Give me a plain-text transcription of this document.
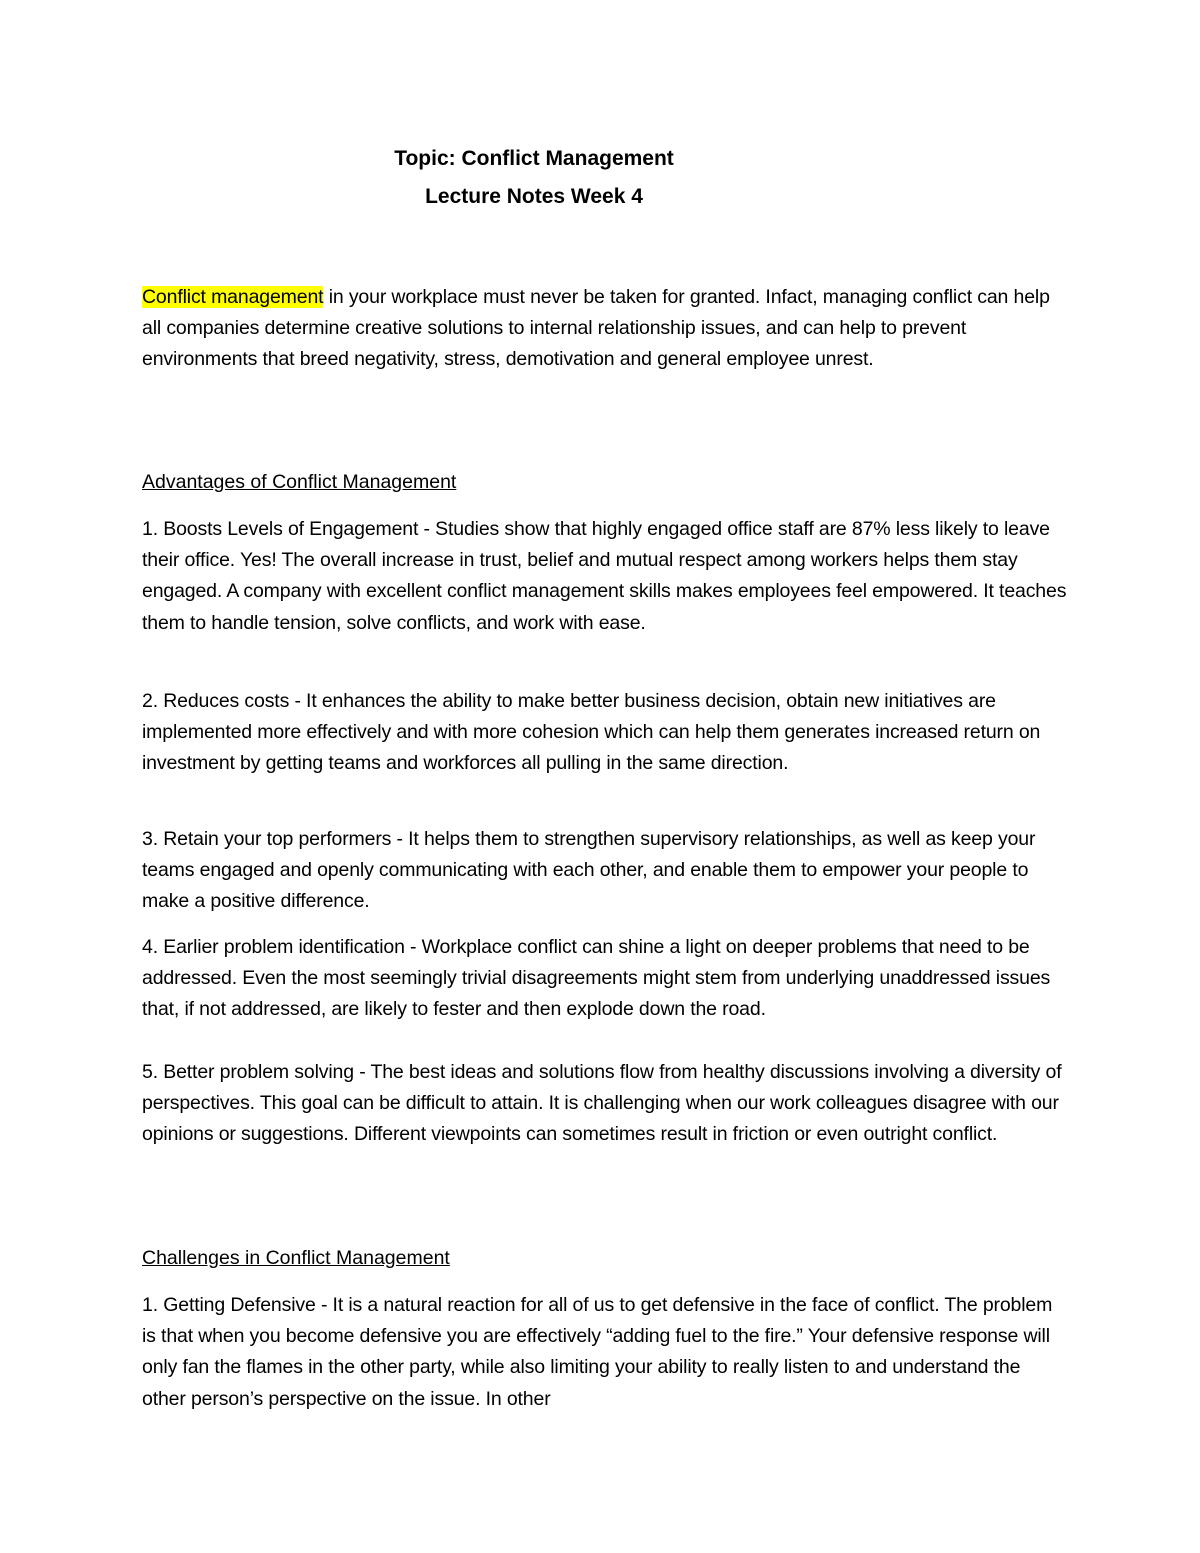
Topic: Conflict Management
Lecture Notes Week 4
Conflict management in your workplace must never be taken for granted. Infact, managing conflict can help all companies determine creative solutions to internal relationship issues, and can help to prevent environments that breed negativity, stress, demotivation and general employee unrest.
Advantages of Conflict Management
1. Boosts Levels of Engagement - Studies show that highly engaged office staff are 87% less likely to leave their office. Yes! The overall increase in trust, belief and mutual respect among workers helps them stay engaged. A company with excellent conflict management skills makes employees feel empowered. It teaches them to handle tension, solve conflicts, and work with ease.
2. Reduces costs - It enhances the ability to make better business decision, obtain new initiatives are implemented more effectively and with more cohesion which can help them generates increased return on investment by getting teams and workforces all pulling in the same direction.
3. Retain your top performers - It helps them to strengthen supervisory relationships, as well as keep your teams engaged and openly communicating with each other, and enable them to empower your people to make a positive difference.
4. Earlier problem identification - Workplace conflict can shine a light on deeper problems that need to be addressed. Even the most seemingly trivial disagreements might stem from underlying unaddressed issues that, if not addressed, are likely to fester and then explode down the road.
5. Better problem solving - The best ideas and solutions flow from healthy discussions involving a diversity of perspectives. This goal can be difficult to attain. It is challenging when our work colleagues disagree with our opinions or suggestions. Different viewpoints can sometimes result in friction or even outright conflict.
Challenges in Conflict Management
1. Getting Defensive - It is a natural reaction for all of us to get defensive in the face of conflict. The problem is that when you become defensive you are effectively “adding fuel to the fire.” Your defensive response will only fan the flames in the other party, while also limiting your ability to really listen to and understand the other person’s perspective on the issue. In other
